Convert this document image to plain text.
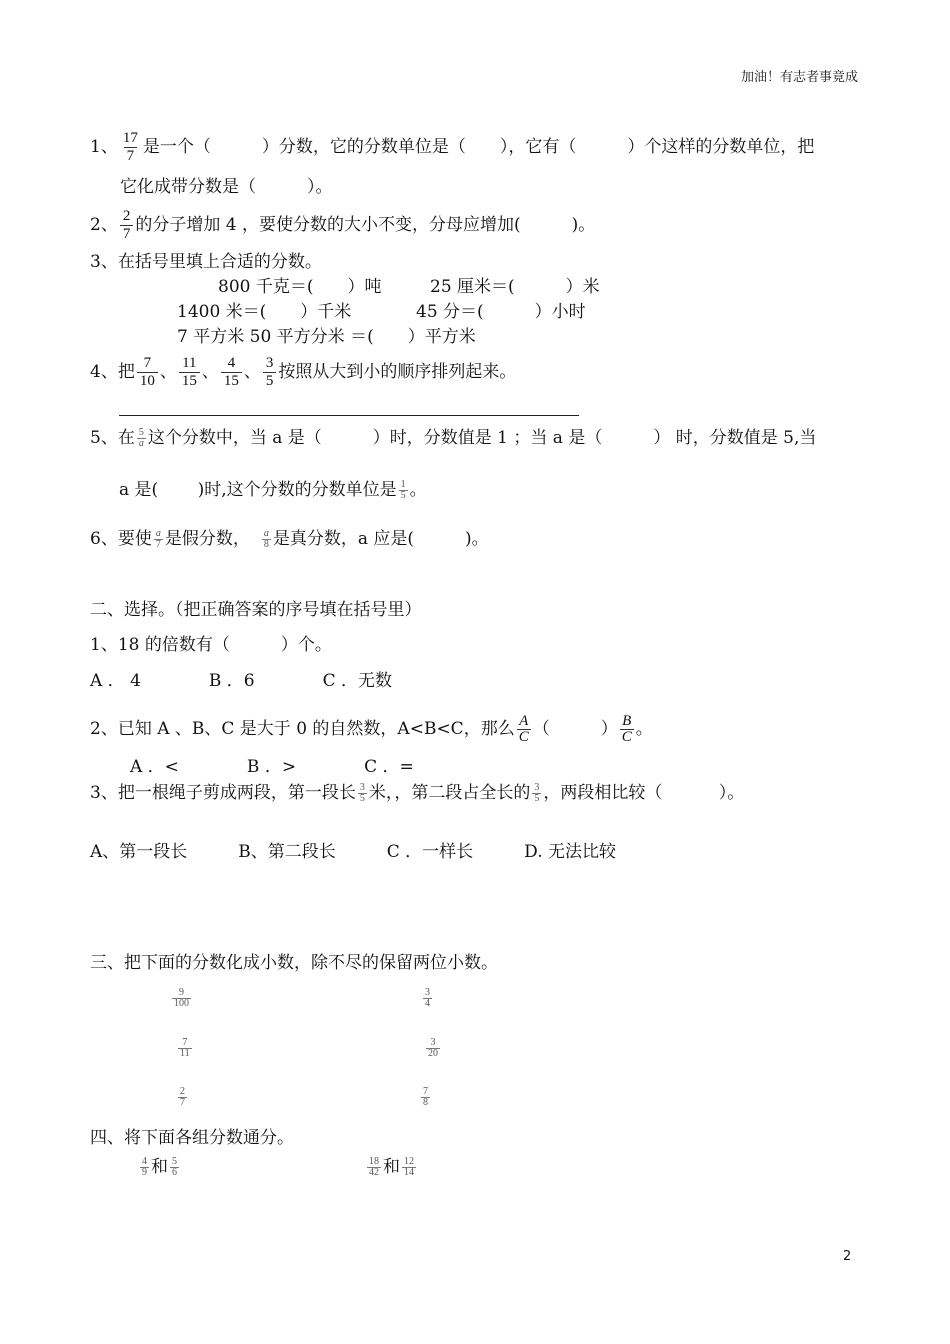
加油！有志者事竟成
1、 $\frac{17}{7}$ 是一个（　　　）分数，它的分数单位是（　　），它有（　　　）个这样的分数单位，把
它化成带分数是（　　　）。
2、 $\frac{2}{7}$ 的分子增加 4 ，要使分数的大小不变，分母应增加(　　　)。
3、在括号里填上合适的分数。
800 千克＝(　　）吨	25 厘米＝(　　　）米
1400 米＝(　　）千米	45 分＝(　　　）小时
7 平方米 50 平方分米 ＝(　　）平方米
4、把 $\frac{7}{10}$ 、 $\frac{11}{15}$ 、 $\frac{4}{15}$ 、 $\frac{3}{5}$ 按照从大到小的顺序排列起来。
5、在 $\frac{5}{a}$ 这个分数中，当 a 是（　　　）时，分数值是 1 ；当 a 是（　　　） 时，分数值是 5,当
a 是(　　 )时,这个分数的分数单位是 $\frac{1}{5}$ 。
6、要使 $\frac{a}{7}$ 是假分数， $\frac{a}{8}$ 是真分数，a 应是(　　　)。
二、选择。（把正确答案的序号填在括号里）
1、18 的倍数有（　　　）个。
A ． 4　　　　B ．6　　　　C ．无数
2、已知 A 、B、C 是大于 0 的自然数，A<B<C，那么 $\frac{A}{C}$ （　　　） $\frac{B}{C}$ 。
A ．<　　　　B ．>　　　　C ．=
3、把一根绳子剪成两段，第一段长 $\frac{3}{5}$ 米，，第二段占全长的 $\frac{3}{5}$ ，两段相比较（　　　 ）。
A、第一段长　　　B、第二段长　　　C ．一样长　　　D. 无法比较
三、把下面的分数化成小数，除不尽的保留两位小数。
$\frac{9}{100}$	$\frac{3}{4}$
$\frac{7}{11}$	$\frac{3}{20}$
$\frac{2}{7}$	$\frac{7}{8}$
四、将下面各组分数通分。
$\frac{4}{9}$ 和 $\frac{5}{6}$	$\frac{18}{42}$ 和 $\frac{12}{14}$
2
